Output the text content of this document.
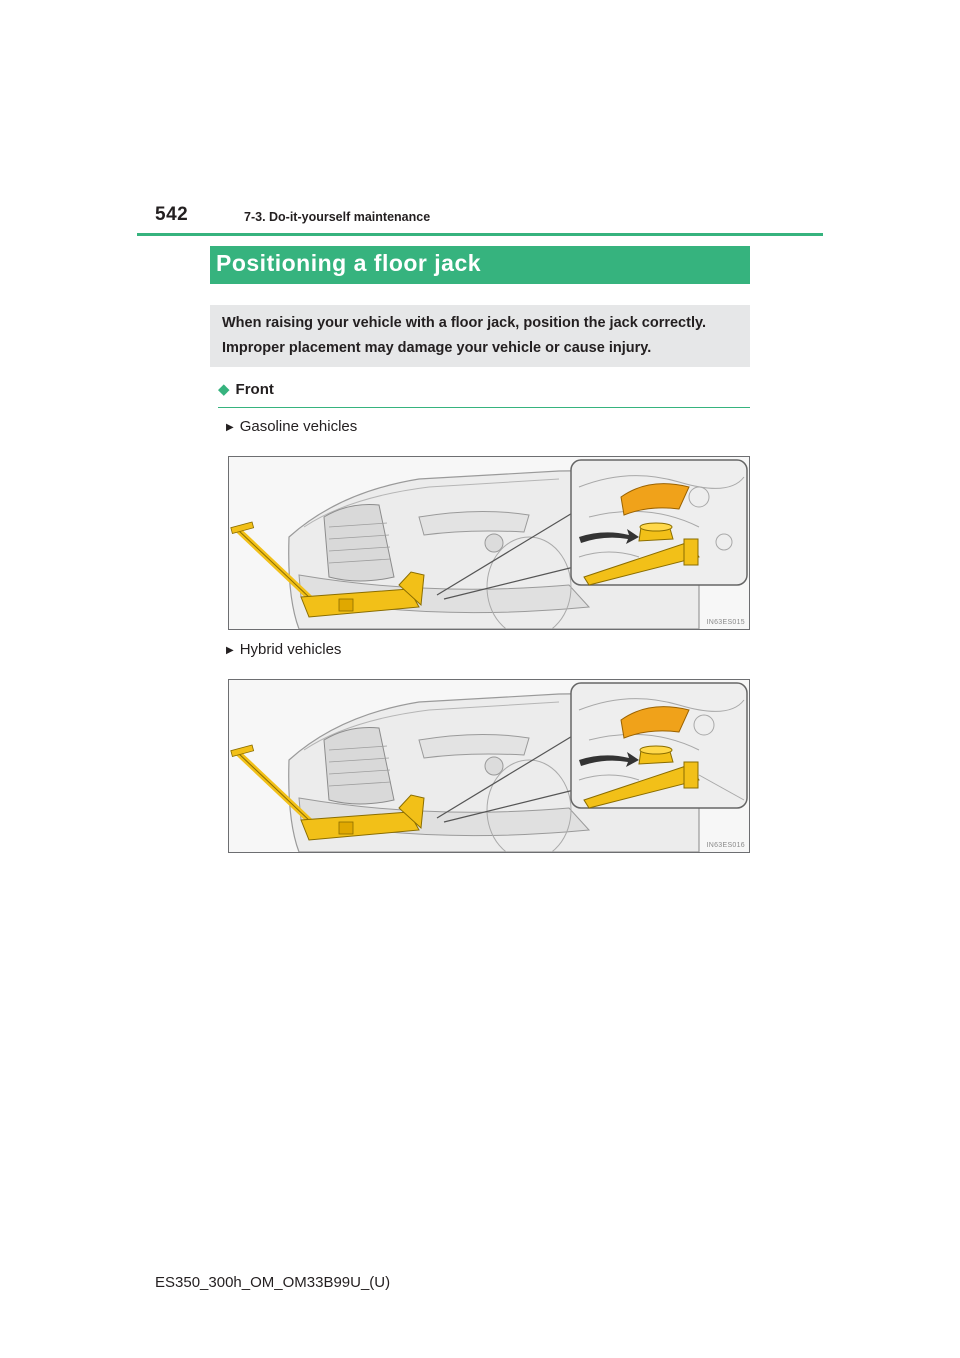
542	7-3. Do-it-yourself maintenance
Positioning a floor jack
When raising your vehicle with a floor jack, position the jack correctly. Improper placement may damage your vehicle or cause injury.
◆ Front
▶ Gasoline vehicles
IN63ES015
▶ Hybrid vehicles
IN63ES016
ES350_300h_OM_OM33B99U_(U)
